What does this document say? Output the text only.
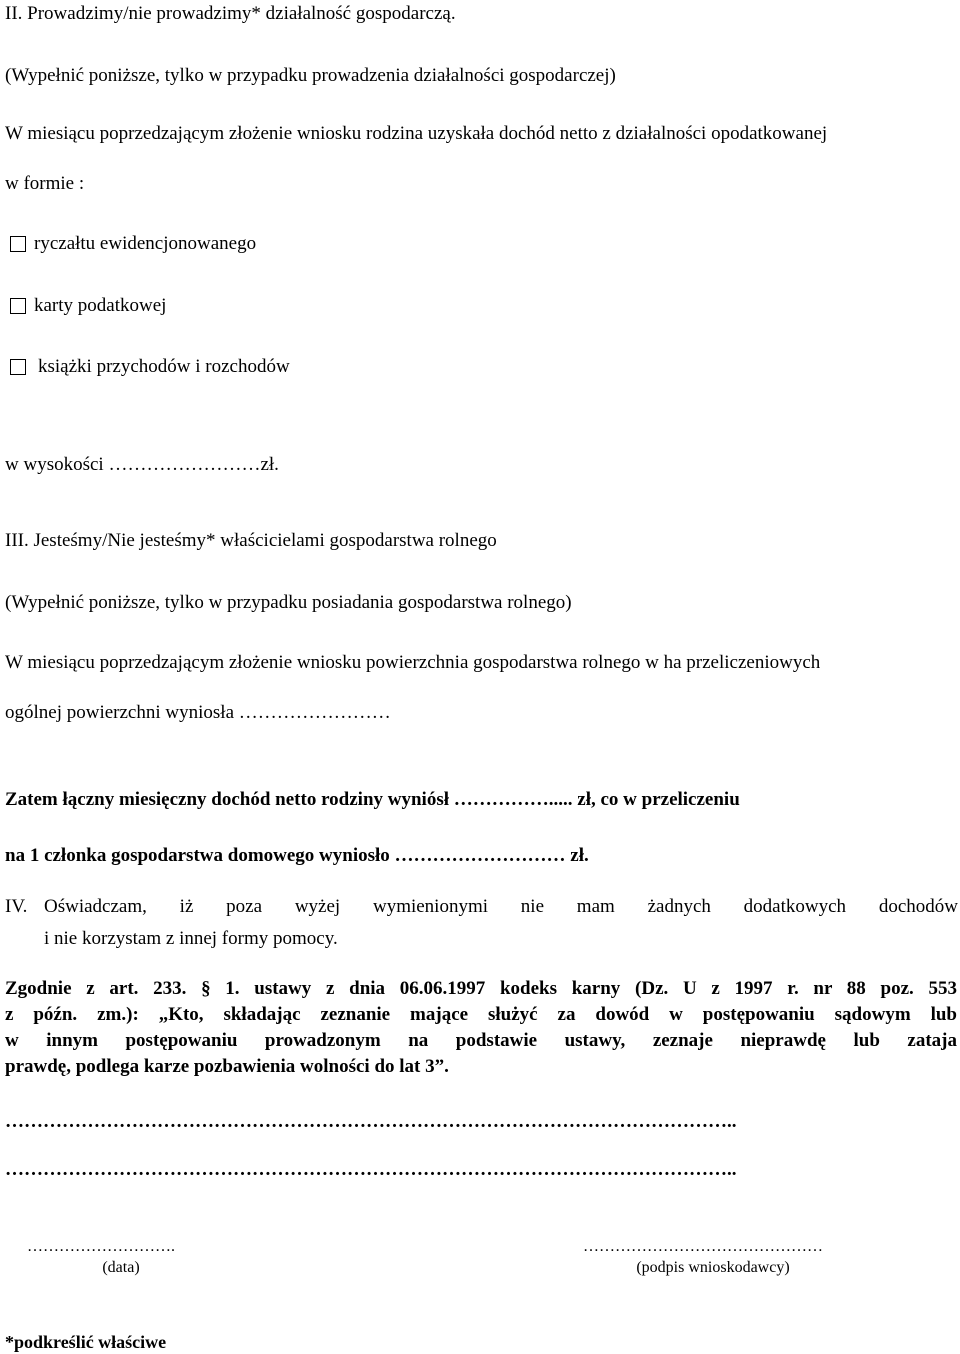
II. Prowadzimy/nie prowadzimy* działalność gospodarczą.
(Wypełnić poniższe, tylko w przypadku prowadzenia działalności gospodarczej)
W miesiącu poprzedzającym złożenie wniosku rodzina uzyskała dochód netto z działalności opodatkowanej
w formie :
ryczałtu ewidencjonowanego
karty podatkowej
książki przychodów i rozchodów
w wysokości ……………………zł.
III. Jesteśmy/Nie jesteśmy* właścicielami gospodarstwa rolnego
(Wypełnić poniższe, tylko w przypadku posiadania gospodarstwa rolnego)
W miesiącu poprzedzającym złożenie wniosku powierzchnia gospodarstwa rolnego w ha przeliczeniowych
ogólnej powierzchni wyniosła ……………………
Zatem łączny miesięczny dochód netto rodziny wyniósł ……………..... zł, co w przeliczeniu
na 1 członka gospodarstwa domowego wyniosło ……………………… zł.
IV. Oświadczam, iż poza wyżej wymienionymi nie mam żadnych dodatkowych dochodów
i nie korzystam z innej formy pomocy.
Zgodnie z art. 233. § 1. ustawy z dnia 06.06.1997 kodeks karny (Dz. U z 1997 r. nr 88 poz. 553
z późn. zm.): „Kto, składając zeznanie mające służyć za dowód w postępowaniu sądowym lub
w innym postępowaniu prowadzonym na podstawie ustawy, zeznaje nieprawdę lub zataja
prawdę, podlega karze pozbawienia wolności do lat 3”.
……………………………………………………………………………………………………..
……………………………………………………………………………………………………..
……………………….
(data)
………………………………………
(podpis wnioskodawcy)
*podkreślić właściwe
